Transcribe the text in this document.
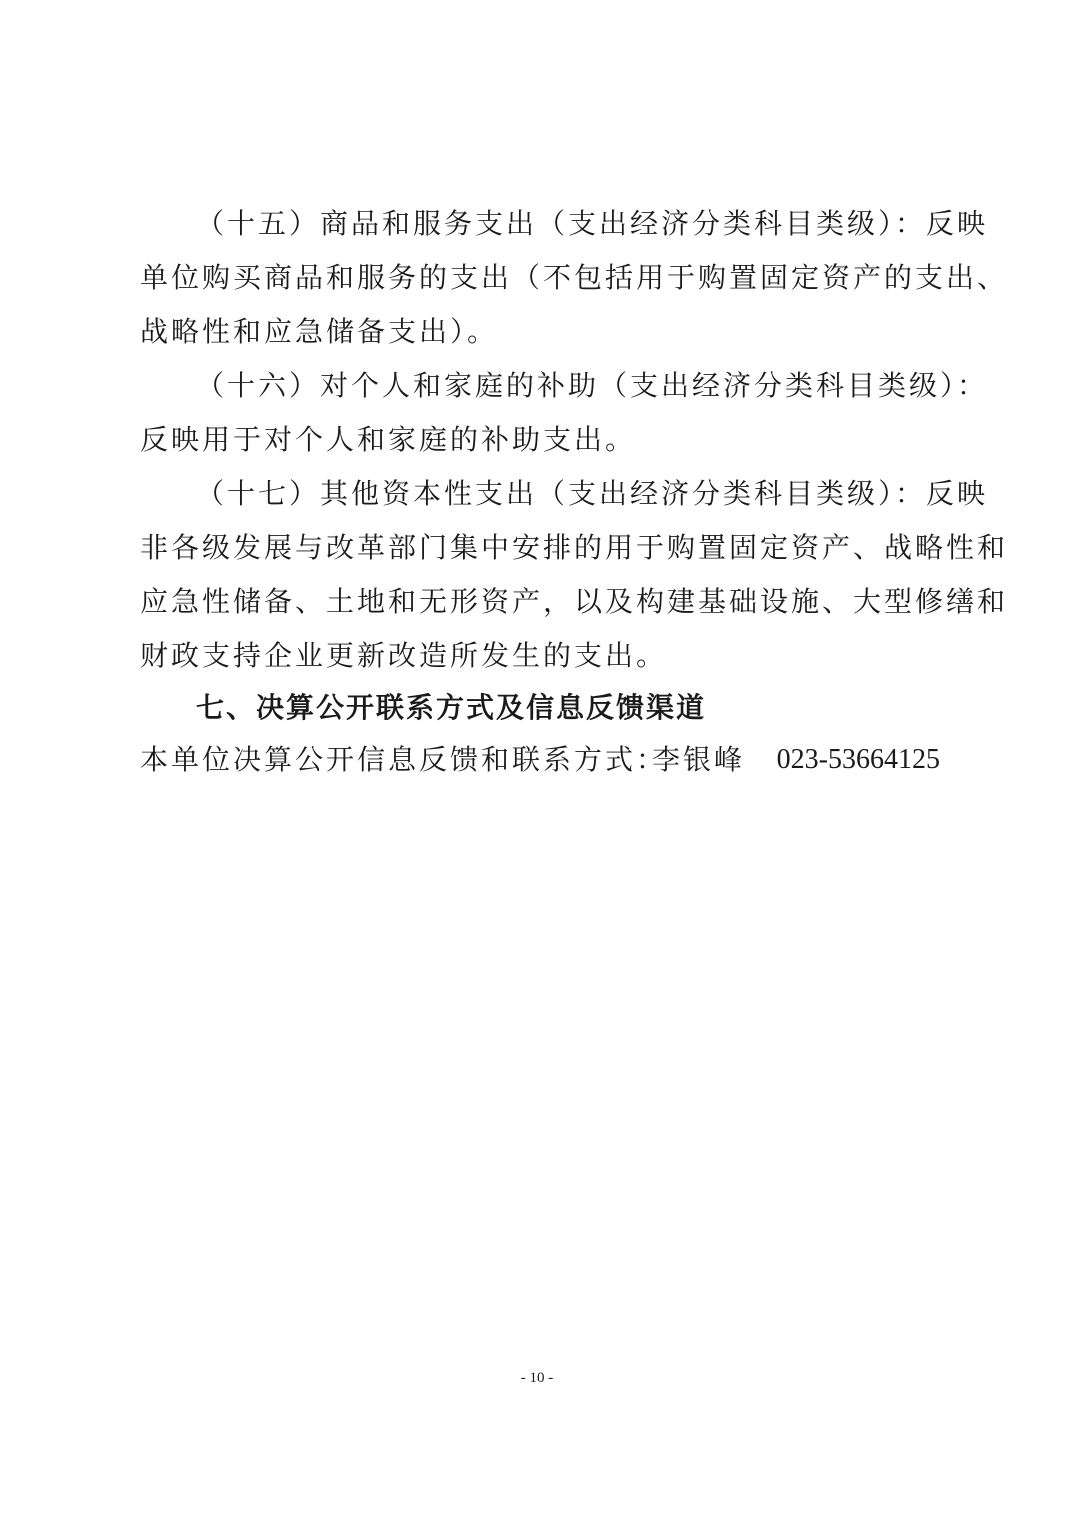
（十五）商品和服务支出（支出经济分类科目类级）：反映
单位购买商品和服务的支出（不包括用于购置固定资产的支出、
战略性和应急储备支出）。
（十六）对个人和家庭的补助（支出经济分类科目类级）：
反映用于对个人和家庭的补助支出。
（十七）其他资本性支出（支出经济分类科目类级）：反映
非各级发展与改革部门集中安排的用于购置固定资产、战略性和
应急性储备、土地和无形资产，以及构建基础设施、大型修缮和
财政支持企业更新改造所发生的支出。
七、决算公开联系方式及信息反馈渠道
本单位决算公开信息反馈和联系方式：
李银峰 023-53664125
- 10 -
